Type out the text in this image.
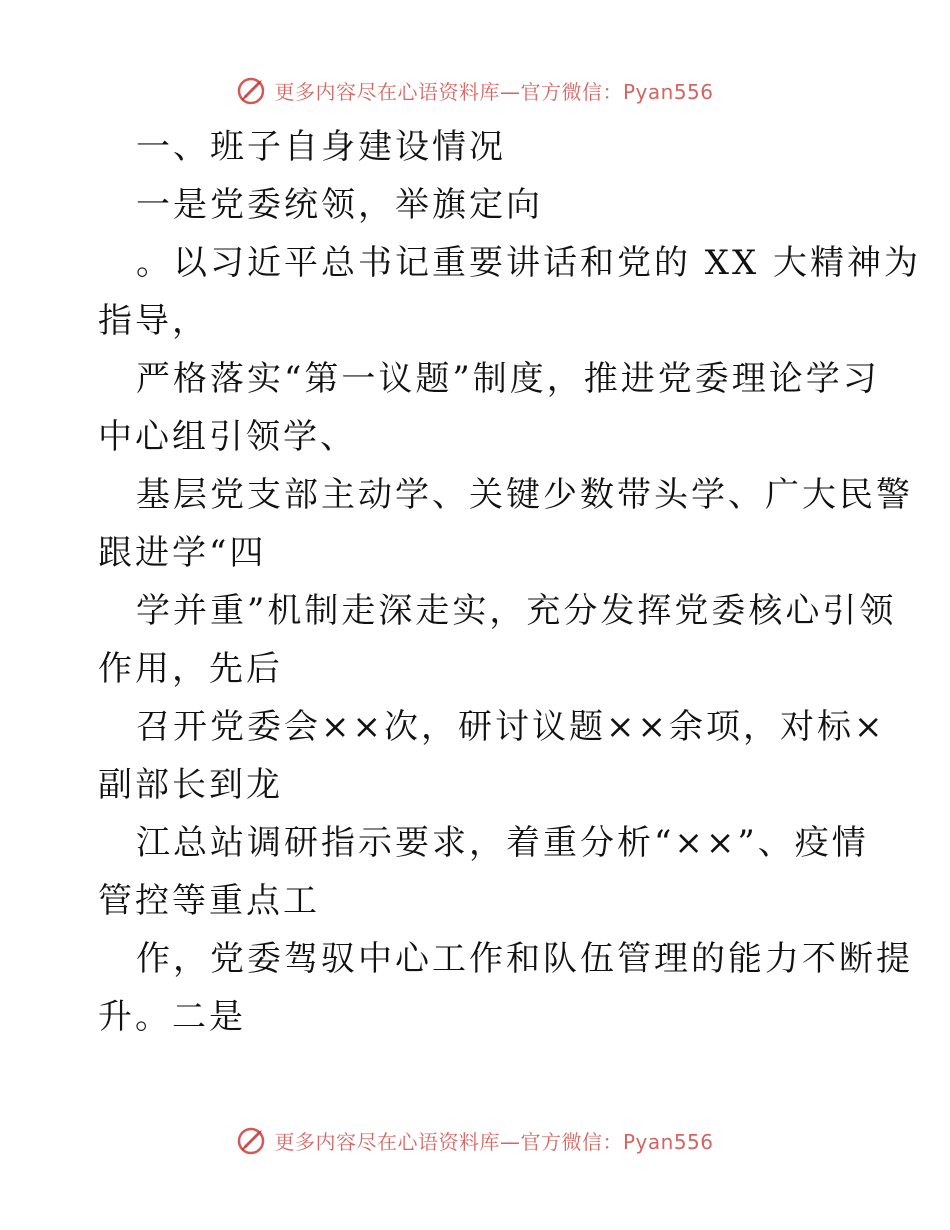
更多内容尽在心语资料库—官方微信：Pyan556
一、班子自身建设情况
一是党委统领，举旗定向
。以习近平总书记重要讲话和党的 XX 大精神为
指导，
严格落实“第一议题”制度，推进党委理论学习
中心组引领学、
基层党支部主动学、关键少数带头学、广大民警
跟进学“四
学并重”机制走深走实，充分发挥党委核心引领
作用，先后
召开党委会××次，研讨议题××余项，对标×
副部长到龙
江总站调研指示要求，着重分析“××”、疫情
管控等重点工
作，党委驾驭中心工作和队伍管理的能力不断提
升。二是
更多内容尽在心语资料库—官方微信：Pyan556
